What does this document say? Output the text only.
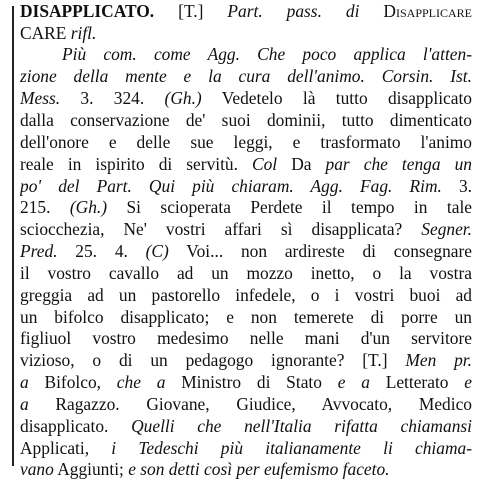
DISAPPLICATO. [T.] Part. pass. di Disapplicare
CARE rifl.
Più com. come Agg. Che poco applica l'atten-
zione della mente e la cura dell'animo. Corsin. Ist.
Mess. 3. 324. (Gh.) Vedetelo là tutto disapplicato
dalla conservazione de' suoi dominii, tutto dimenticato
dell'onore e delle sue leggi, e trasformato l'animo
reale in ispirito di servitù. Col Da par che tenga un
po' del Part. Qui più chiaram. Agg. Fag. Rim. 3.
215. (Gh.) Si scioperata Perdete il tempo in tale
sciocchezia, Ne' vostri affari sì disapplicata? Segner.
Pred. 25. 4. (C) Voi... non ardireste di consegnare
il vostro cavallo ad un mozzo inetto, o la vostra
greggia ad un pastorello infedele, o i vostri buoi ad
un bifolco disapplicato; e non temerete di porre un
figliuol vostro medesimo nelle mani d'un servitore
vizioso, o di un pedagogo ignorante? [T.] Men pr.
a Bifolco, che a Ministro di Stato e a Letterato e
a Ragazzo. Giovane, Giudice, Avvocato, Medico
disapplicato. Quelli che nell'Italia rifatta chiamansi
Applicati, i Tedeschi più italianamente li chiama-
vano Aggiunti; e son detti così per eufemismo faceto.
